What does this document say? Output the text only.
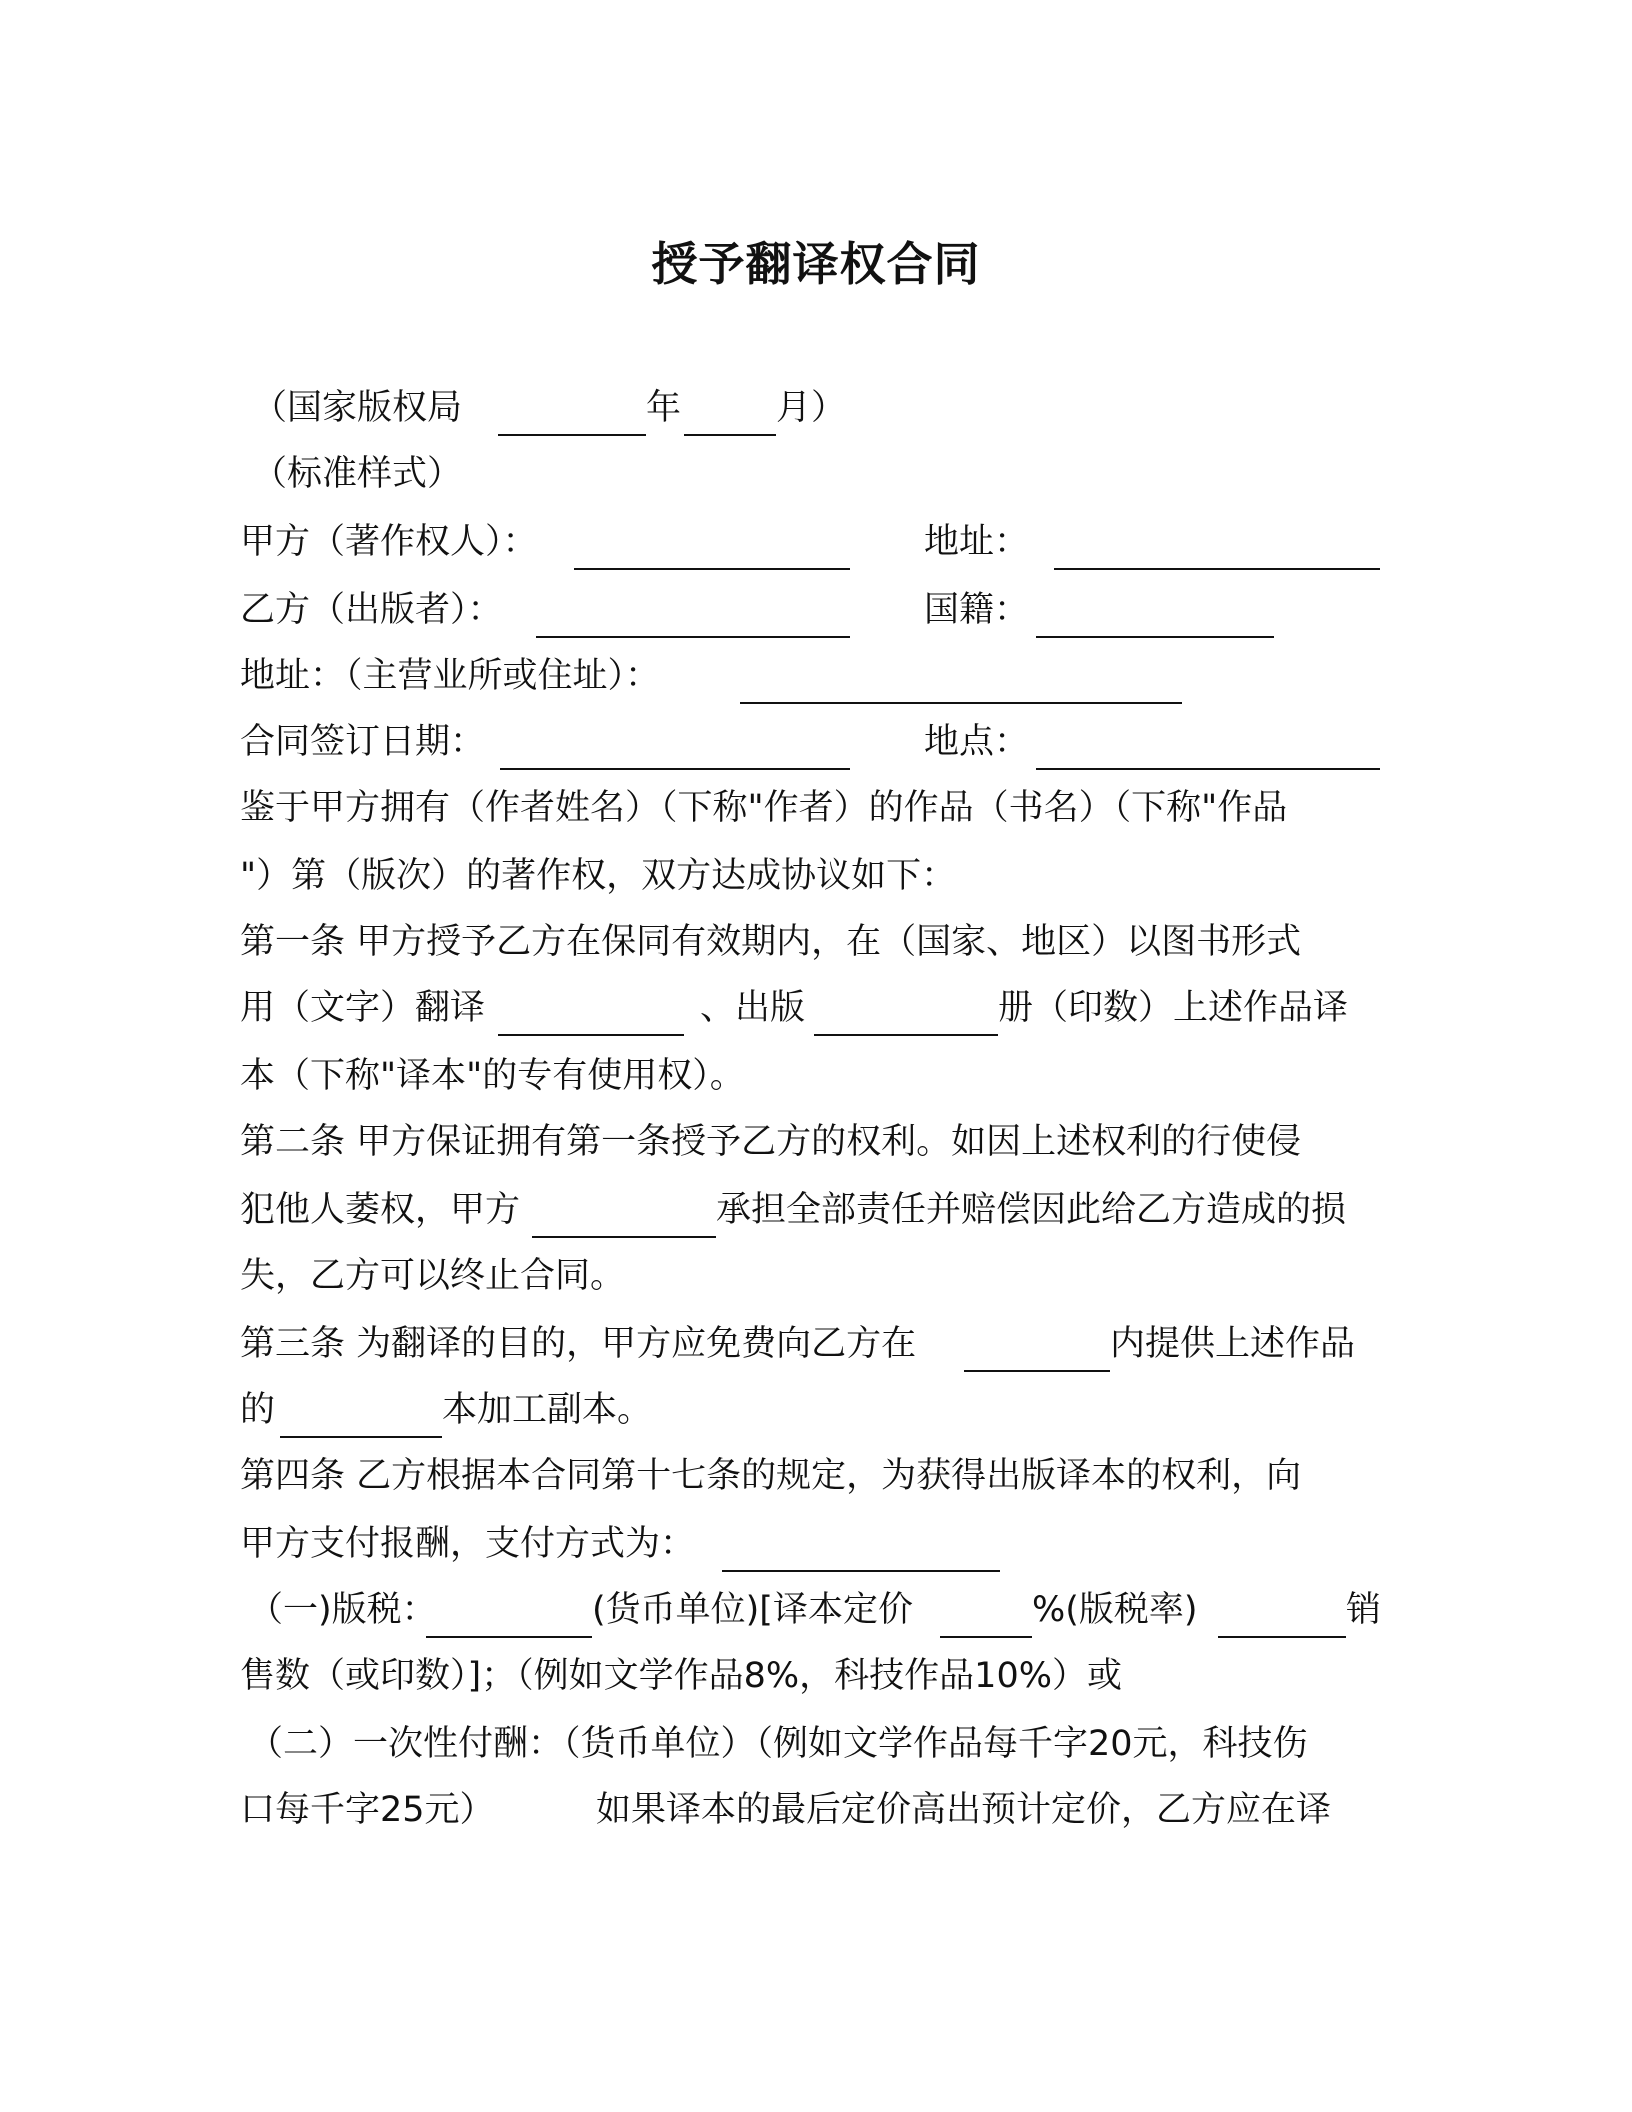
授予翻译权合同
（国家版权局	年	月）
（标准样式）
甲方（著作权人）：	地址：
乙方（出版者）：	国籍：
地址：（主营业所或住址）：
合同签订日期：	地点：
鉴于甲方拥有（作者姓名）（下称"作者）的作品（书名）（下称"作品
"）第（版次）的著作权，双方达成协议如下：
第一条 甲方授予乙方在保同有效期内，在（国家、地区）以图书形式
用（文字）翻译	、出版	册（印数）上述作品译
本（下称"译本"的专有使用权）。
第二条 甲方保证拥有第一条授予乙方的权利。如因上述权利的行使侵
犯他人萎权，甲方	承担全部责任并赔偿因此给乙方造成的损
失，乙方可以终止合同。
第三条 为翻译的目的，甲方应免费向乙方在	内提供上述作品
的	本加工副本。
第四条 乙方根据本合同第十七条的规定，为获得出版译本的权利，向
甲方支付报酬，支付方式为：
（一)版税：	(货币单位)[译本定价	%(版税率)	销
售数（或印数）]；（例如文学作品8%，科技作品10%）或
（二）一次性付酬：（货币单位）（例如文学作品每千字20元，科技伤
口每千字25元）	如果译本的最后定价高出预计定价，乙方应在译
